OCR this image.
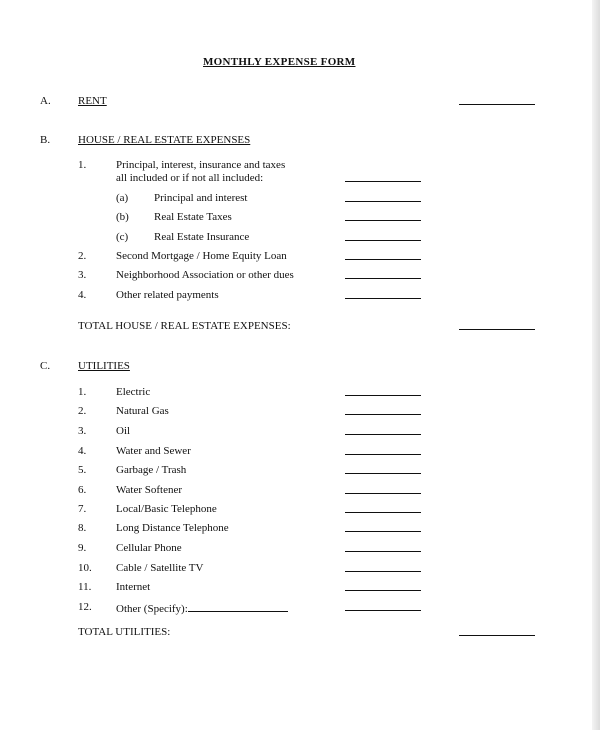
MONTHLY EXPENSE FORM
A. RENT
B.	HOUSE / REAL ESTATE EXPENSES
1.	Principal, interest, insurance and taxes
all included or if not all included:
(a) Principal and interest
(b) Real Estate Taxes
(c) Real Estate Insurance
2.	Second Mortgage / Home Equity Loan
3.	Neighborhood Association or other dues
4.	Other related payments
TOTAL HOUSE / REAL ESTATE EXPENSES:
C.	UTILITIES
1.	Electric
2.	Natural Gas
3.	Oil
4.	Water and Sewer
5.	Garbage / Trash
6.	Water Softener
7.	Local/Basic Telephone
8.	Long Distance Telephone
9.	Cellular Phone
10. Cable / Satellite TV
11. Internet
12. Other (Specify):
TOTAL UTILITIES:
